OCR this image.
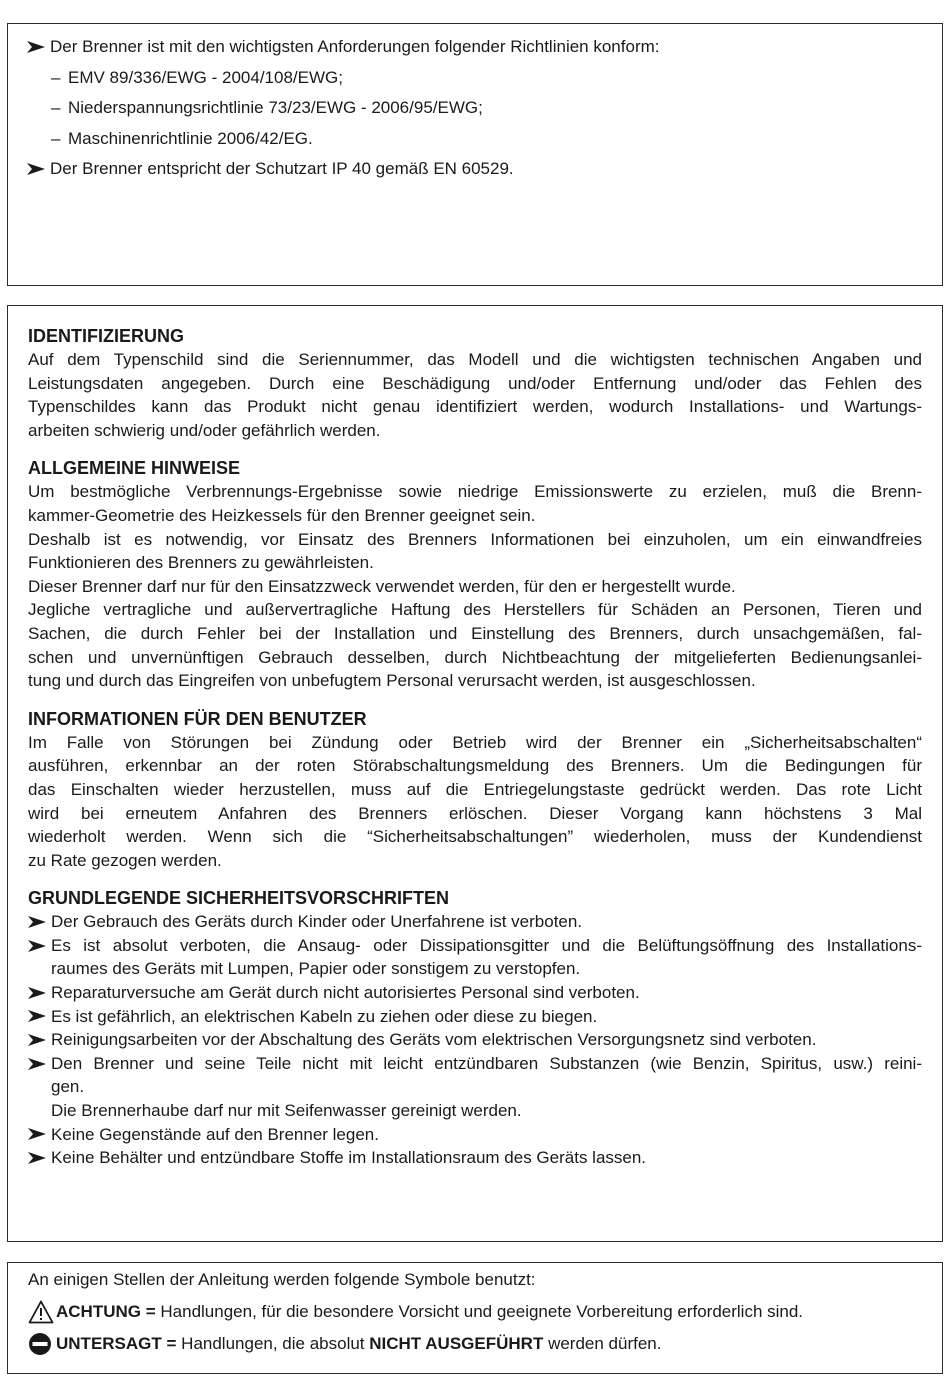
Der Brenner ist mit den wichtigsten Anforderungen folgender Richtlinien konform:
– EMV 89/336/EWG - 2004/108/EWG;
– Niederspannungsrichtlinie 73/23/EWG - 2006/95/EWG;
– Maschinenrichtlinie 2006/42/EG.
Der Brenner entspricht der Schutzart IP 40 gemäß EN 60529.
IDENTIFIZIERUNG
Auf dem Typenschild sind die Seriennummer, das Modell und die wichtigsten technischen Angaben und
Leistungsdaten angegeben. Durch eine Beschädigung und/oder Entfernung und/oder das Fehlen des
Typenschildes kann das Produkt nicht genau identifiziert werden, wodurch Installations- und Wartungs-
arbeiten schwierig und/oder gefährlich werden.
ALLGEMEINE HINWEISE
Um bestmögliche Verbrennungs-Ergebnisse sowie niedrige Emissionswerte zu erzielen, muß die Brenn-
kammer-Geometrie des Heizkessels für den Brenner geeignet sein.
Deshalb ist es notwendig, vor Einsatz des Brenners Informationen bei einzuholen, um ein einwandfreies
Funktionieren des Brenners zu gewährleisten.
Dieser Brenner darf nur für den Einsatzzweck verwendet werden, für den er hergestellt wurde.
Jegliche vertragliche und außervertragliche Haftung des Herstellers für Schäden an Personen, Tieren und
Sachen, die durch Fehler bei der Installation und Einstellung des Brenners, durch unsachgemäßen, fal-
schen und unvernünftigen Gebrauch desselben, durch Nichtbeachtung der mitgelieferten Bedienungsanlei-
tung und durch das Eingreifen von unbefugtem Personal verursacht werden, ist ausgeschlossen.
INFORMATIONEN FÜR DEN BENUTZER
Im Falle von Störungen bei Zündung oder Betrieb wird der Brenner ein „Sicherheitsabschalten“
ausführen, erkennbar an der roten Störabschaltungsmeldung des Brenners. Um die Bedingungen für
das Einschalten wieder herzustellen, muss auf die Entriegelungstaste gedrückt werden. Das rote Licht
wird bei erneutem Anfahren des Brenners erlöschen. Dieser Vorgang kann höchstens 3 Mal
wiederholt werden. Wenn sich die “Sicherheitsabschaltungen” wiederholen, muss der Kundendienst
zu Rate gezogen werden.
GRUNDLEGENDE SICHERHEITSVORSCHRIFTEN
Der Gebrauch des Geräts durch Kinder oder Unerfahrene ist verboten.
Es ist absolut verboten, die Ansaug- oder Dissipationsgitter und die Belüftungsöffnung des Installations-
raumes des Geräts mit Lumpen, Papier oder sonstigem zu verstopfen.
Reparaturversuche am Gerät durch nicht autorisiertes Personal sind verboten.
Es ist gefährlich, an elektrischen Kabeln zu ziehen oder diese zu biegen.
Reinigungsarbeiten vor der Abschaltung des Geräts vom elektrischen Versorgungsnetz sind verboten.
Den Brenner und seine Teile nicht mit leicht entzündbaren Substanzen (wie Benzin, Spiritus, usw.) reini-
gen.
Die Brennerhaube darf nur mit Seifenwasser gereinigt werden.
Keine Gegenstände auf den Brenner legen.
Keine Behälter und entzündbare Stoffe im Installationsraum des Geräts lassen.
An einigen Stellen der Anleitung werden folgende Symbole benutzt:
ACHTUNG = Handlungen, für die besondere Vorsicht und geeignete Vorbereitung erforderlich sind.
UNTERSAGT = Handlungen, die absolut NICHT AUSGEFÜHRT werden dürfen.
